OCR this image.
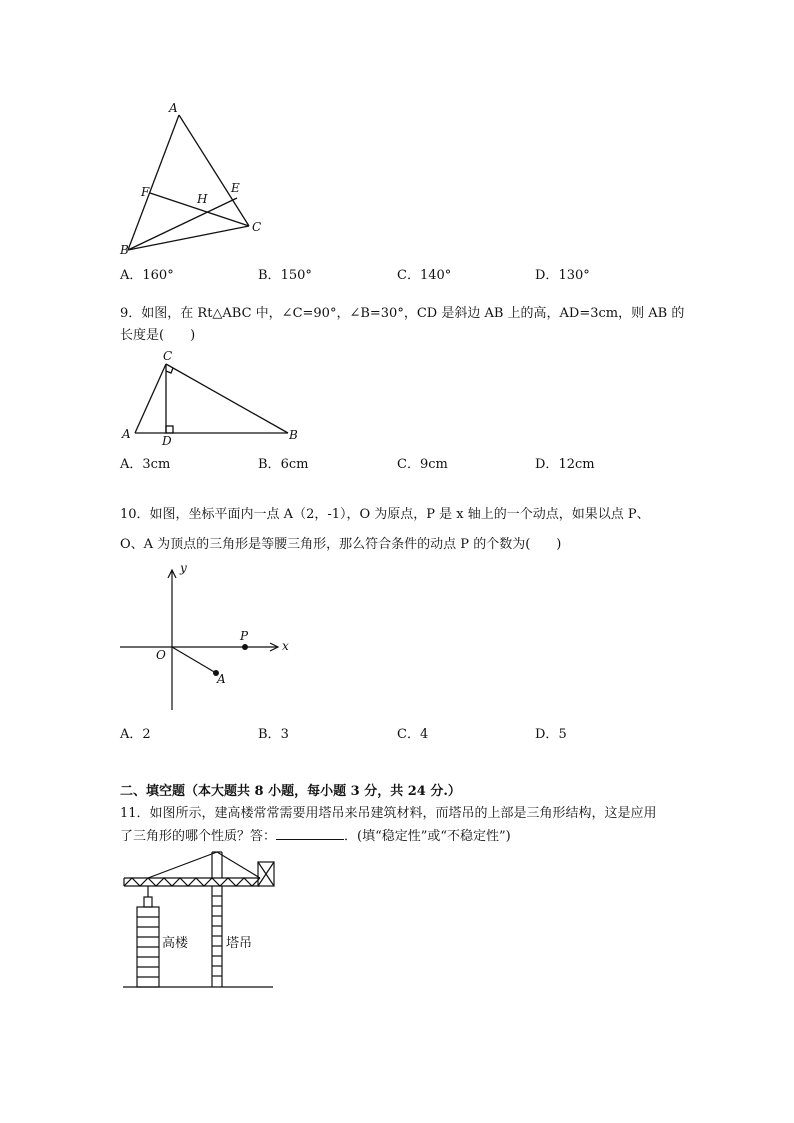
A
F	H
E
C
B
A．160°	B．150°	C．140°	D．130°
9．如图，在 Rt△ABC 中，∠C=90°，∠B=30°，CD 是斜边 AB 上的高，AD=3cm，则 AB 的
长度是(　　)
C
A	D	B
A．3cm	B．6cm	C．9cm	D．12cm
10．如图，坐标平面内一点 A（2，-1），O 为原点，P 是 x 轴上的一个动点，如果以点 P、
O、A 为顶点的三角形是等腰三角形，那么符合条件的动点 P 的个数为(　　)
y
x
O
P
A
A．2	B．3	C．4	D．5
二、填空题（本大题共 8 小题，每小题 3 分，共 24 分.）
11．如图所示，建高楼常常需要用塔吊来吊建筑材料，而塔吊的上部是三角形结构，这是应用
了三角形的哪个性质？答：	．(填“稳定性”或“不稳定性”)
高楼	塔吊
